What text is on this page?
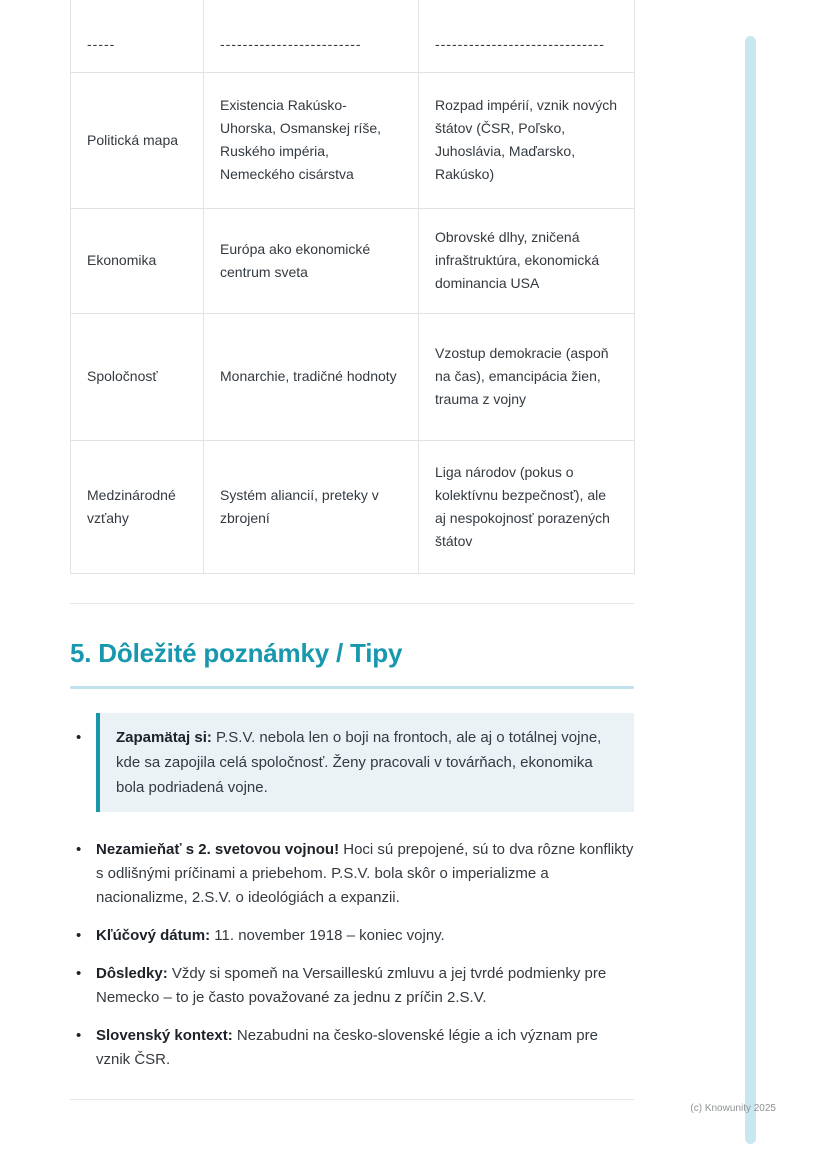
-----	-------------------------	------------------------------
Politická mapa	Existencia Rakúsko-Uhorska, Osmanskej ríše, Ruského impéria, Nemeckého cisárstva	Rozpad impérií, vznik nových štátov (ČSR, Poľsko, Juhoslávia, Maďarsko, Rakúsko)
Ekonomika	Európa ako ekonomické centrum sveta	Obrovské dlhy, zničená infraštruktúra, ekonomická dominancia USA
Spoločnosť	Monarchie, tradičné hodnoty	Vzostup demokracie (aspoň na čas), emancipácia žien, trauma z vojny
Medzinárodné vzťahy	Systém aliancií, preteky v zbrojení	Liga národov (pokus o kolektívnu bezpečnosť), ale aj nespokojnosť porazených štátov
5. Dôležité poznámky / Tipy
•	Zapamätaj si: P.S.V. nebola len o boji na frontoch, ale aj o totálnej vojne, kde sa zapojila celá spoločnosť. Ženy pracovali v továrňach, ekonomika bola podriadená vojne.
• Nezamieňať s 2. svetovou vojnou! Hoci sú prepojené, sú to dva rôzne konflikty s odlišnými príčinami a priebehom. P.S.V. bola skôr o imperializme a nacionalizme, 2.S.V. o ideológiách a expanzii.
• Kľúčový dátum: 11. november 1918 – koniec vojny.
• Dôsledky: Vždy si spomeň na Versailleskú zmluvu a jej tvrdé podmienky pre Nemecko – to je často považované za jednu z príčin 2.S.V.
• Slovenský kontext: Nezabudni na česko-slovenské légie a ich význam pre vznik ČSR.
(c) Knowunity 2025
